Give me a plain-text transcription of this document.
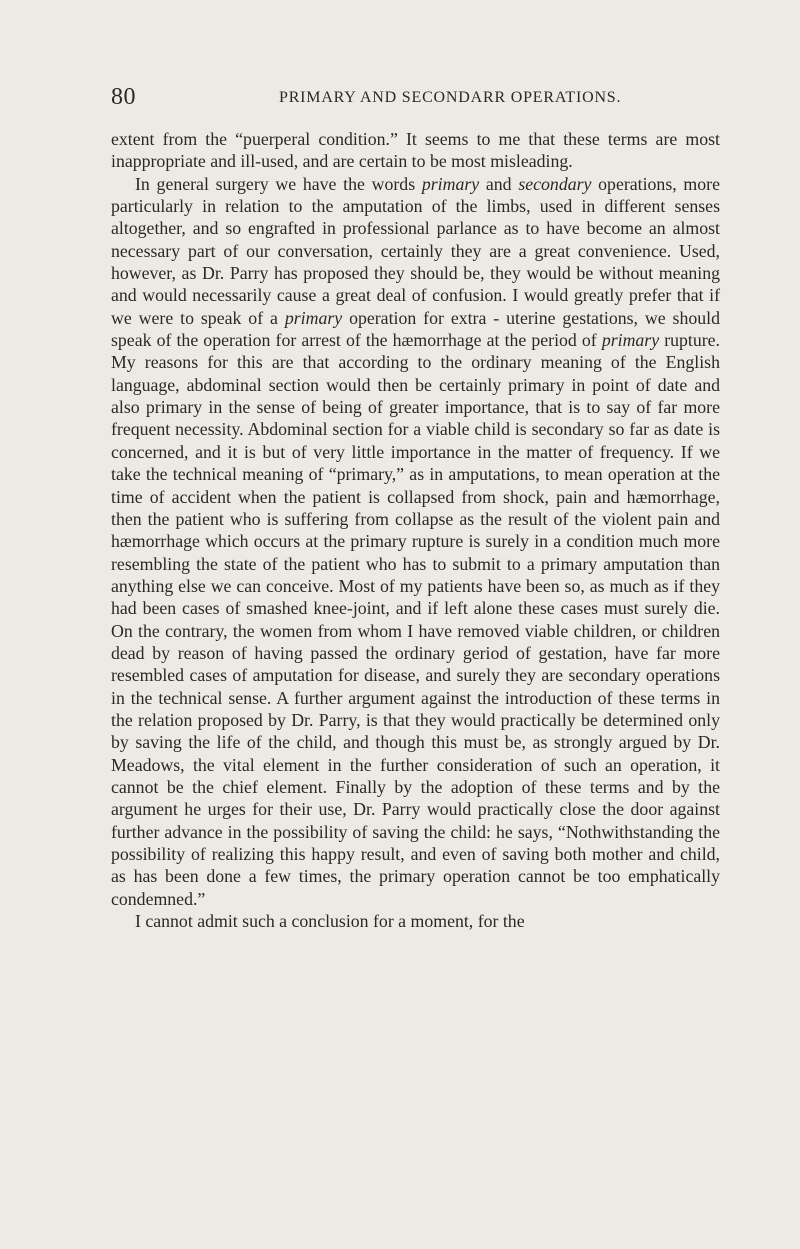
80	PRIMARY AND SECONDARR OPERATIONS.

extent from the “puerperal condition.” It seems to me that these terms are most inappropriate and ill-used, and are certain to be most misleading.

In general surgery we have the words primary and secondary operations, more particularly in relation to the amputation of the limbs, used in different senses altogether, and so engrafted in professional parlance as to have become an almost necessary part of our conversation, certainly they are a great convenience. Used, however, as Dr. Parry has proposed they should be, they would be without meaning and would necessarily cause a great deal of confusion. I would greatly prefer that if we were to speak of a primary operation for extra - uterine gestations, we should speak of the operation for arrest of the hæmorrhage at the period of primary rupture. My reasons for this are that according to the ordinary meaning of the English language, abdominal section would then be certainly primary in point of date and also primary in the sense of being of greater importance, that is to say of far more frequent necessity. Abdominal section for a viable child is secondary so far as date is concerned, and it is but of very little importance in the matter of frequency. If we take the technical meaning of “primary,” as in amputations, to mean operation at the time of accident when the patient is collapsed from shock, pain and hæmorrhage, then the patient who is suffering from collapse as the result of the violent pain and hæmorrhage which occurs at the primary rupture is surely in a condition much more resembling the state of the patient who has to submit to a primary amputation than anything else we can conceive. Most of my patients have been so, as much as if they had been cases of smashed knee-joint, and if left alone these cases must surely die. On the contrary, the women from whom I have removed viable children, or children dead by reason of having passed the ordinary geriod of gestation, have far more resembled cases of amputation for disease, and surely they are secondary operations in the technical sense. A further argument against the introduction of these terms in the relation proposed by Dr. Parry, is that they would practically be determined only by saving the life of the child, and though this must be, as strongly argued by Dr. Meadows, the vital element in the further consideration of such an operation, it cannot be the chief element. Finally by the adoption of these terms and by the argument he urges for their use, Dr. Parry would practically close the door against further advance in the possibility of saving the child: he says, “Nothwithstanding the possibility of realizing this happy result, and even of saving both mother and child, as has been done a few times, the primary operation cannot be too emphatically condemned.”

I cannot admit such a conclusion for a moment, for the
